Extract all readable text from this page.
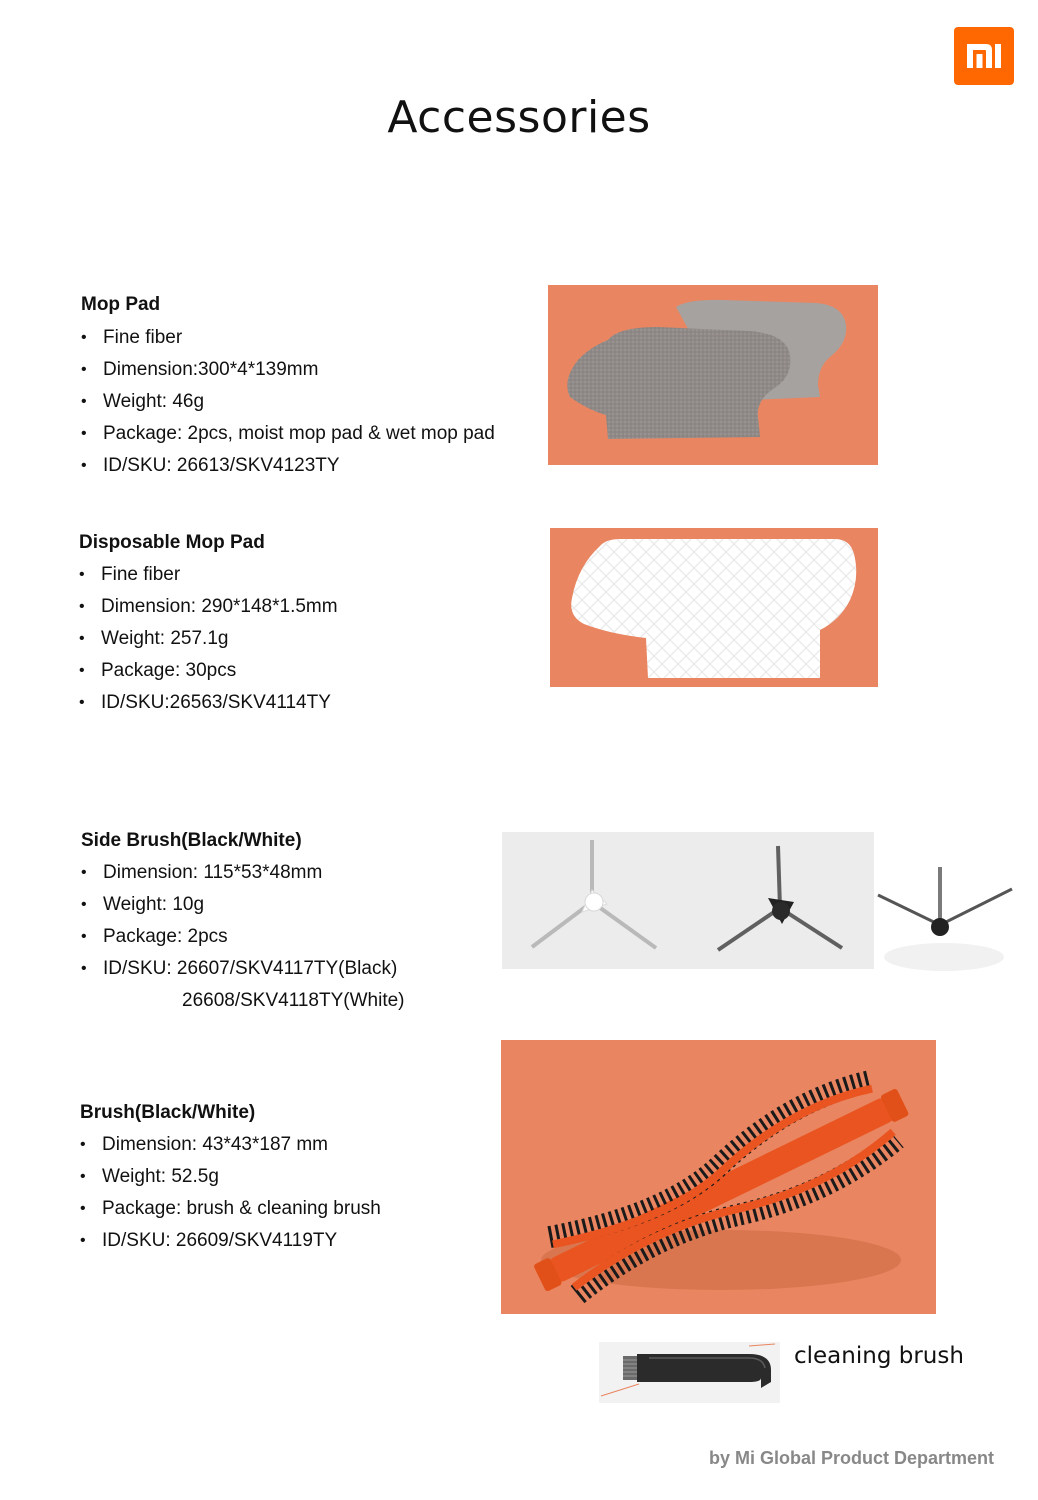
Accessories
Mop Pad
• Fine fiber
• Dimension:300*4*139mm
• Weight: 46g
• Package: 2pcs, moist mop pad & wet mop pad
• ID/SKU: 26613/SKV4123TY
Disposable Mop Pad
• Fine fiber
• Dimension: 290*148*1.5mm
• Weight: 257.1g
• Package: 30pcs
• ID/SKU:26563/SKV4114TY
Side Brush(Black/White)
• Dimension: 115*53*48mm
• Weight: 10g
• Package: 2pcs
• ID/SKU: 26607/SKV4117TY(Black)
26608/SKV4118TY(White)
Brush(Black/White)
• Dimension: 43*43*187 mm
• Weight: 52.5g
• Package: brush & cleaning brush
• ID/SKU: 26609/SKV4119TY
cleaning brush
by Mi Global Product Department
